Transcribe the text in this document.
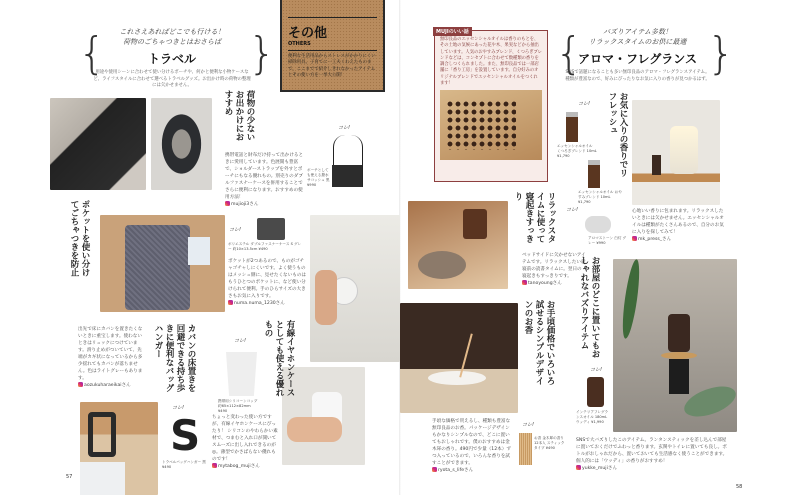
その他
OTHERS
便利な生活用品からストレスがかかりにくい掃除用具、子育てに一工夫くわえたものまで、ここまでで紹介しきれなかったアイテムとその使い方を一挙大公開！
{	}
これさえあればどこでも行ける！
荷物のごちゃつきとはおさらば
トラベル
用途や使用シーンに合わせて使い分けるポーチや、何かと便利な小物ケースなど、ライフスタイルに合わせて選べるトラベルグッズ。お出かけ時の荷物の整理には欠かせません。
荷物の少ないお出かけにおすすめ
携帯電話と財布だけ持って出かけるときに愛用しています。色展開も豊富で、ショルダーストラップを外すとポーチにもなる優れもの。別売りのダブルファスナーケースを併用することでさらに便利になります。おすすめの使用方法！
mujioji3さん
コレ!
ポーチとしても使える撥水サコッシュ 黒 ¥990
ポケットを使い分けてごちゃつきを防止	コレ!
ポリエステル ダブルファスナーケース S グレー 約10×13.5cm ¥490
ポケットが2つあるので、ものがゴチャゴチャしにくいです。よく使うものはメッシュ側に、見せたくないものはもうひとつのポケットに、など使い分けられて便利。手のひらサイズの大きさもお気に入りです。
numa.numa_1230さん
出先で床にカバンを置きたくないときに重宝します。使わないときはリュックにつけています。滑り止めがついていて、先端がカギ状になっているから多少揺れてもカバンが落ちません。色はライトグレーもあります。
aozukuharaeikaiさん	カバンの床置きを回避できる持ち歩きに便利なバッグハンガー
コレ!
S
トラベルバッグハンガー 黒 ¥490
コレ!
携帯用シリコーンコップ 約65×112×82mm ¥490
有線イヤホンケースとしても使える優れもの
ちょっと変わった使い方ですが、有線イヤホンケースにぴったり！ シリコンのやわらかい素材で、つまむと入れ口が開いてスムーズに出し入れできるのが◎。薄型でかさばらない優れものです！
mytabog_mujiさん
57
MUJIのいい話
無印良品のエッセンシャルオイルは香りのもとを、その土地の気候にあった花や木、果実などから抽出しています。人気のおやすみブレンド、くつろぎブレンドなどは、コンセプトに合わせて数種類の香りを調合しつくられました。また、無印良品では一部店舗に「香り工房」を設置しています。自分好みのオリジナルブレンドでエッセンシャルオイルをつくれます！
{	}
バズりアイテム多数！
リラックスタイムのお供に最適
アロマ・フレグランス
SNSで話題になることも多い無印良品のアロマ・フレグランスアイテム。種類が豊富なので、好みにぴったりなお気に入りの香りが見つかるはず。
コレ!
エッセンシャルオイル くつろぎブレンド 10mL ¥1,790
エッセンシャルオイル おやすみブレンド 10mL ¥1,790
お気に入りの香りでリフレッシュ
心地いい香りに包まれます。リラックスしたいときには欠かせません。エッセンシャルオイルは種類がたくさんあるので、自分のお気に入りを探してみて！
mk_press_さん
リラックスタイムに使って寝起きすっきり
コレ!
アロマストーン 白灯 グレー ¥990
ベッドサイドに欠かせないアイテムです。リラックスしたい就寝前の読書タイムに。翌日の寝起きもすっきりです。
tanoyoungさん
お手頃価格でいろいろ試せるシンプルデザインのお香
手頃な価格で買えるし、種類も豊富な無印良品のお香。パッケージデザインもかなりシンプルなので、どこに置いてもおしゃれです。僕のおすすめは金木犀の香り。490円で少量（12本）ずつ入っているので、いろんな香りを試すことができます。
ryota_s_lifeさん
コレ!
お香 金木犀の香り 12本入 スティックタイプ ¥490
お部屋のどこに置いてもおしゃれなバズりアイテム
コレ!
インテリアフレグランスオイル 180mL ウッディ ¥1,990
SNSで大バズりしたこのアイテム。ランタンスティックを差し込んで部屋に置いておくだけでふわっと香ります。玄関やトイレに置いても良し。ボトルがおしゃれだから、置いておいても生活感なく使うことができます。個人的には「ウッディ」の香りがおすすめ！
yukke_mujiさん
58
